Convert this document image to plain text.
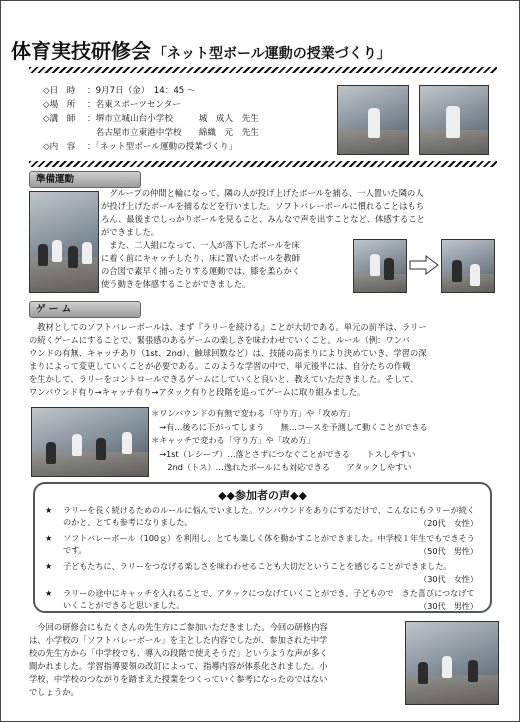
体育実技研修会 「ネット型ボール運動の授業づくり」
◇日　時	：9月7日（金）　14：45 ～
◇場　所	：名東スポーツセンター
◇講　師	：堺市立城山台小学校　　　城　成人　先生
　名古屋市立東港中学校　　綿織　元　先生
◇内　容	：「ネット型ボール運動の授業づくり」
準備運動
　グループの仲間と輪になって、隣の人が投げ上げたボールを捕る、一人置いた隣の人
が投げ上げたボールを捕るなどを行いました。ソフトバレーボールに慣れることはもち
ろん、最後までしっかりボールを見ること、みんなで声を出すことなど、体感すること
ができました。
　また、二人組になって、一人が落下したボールを床
に着く前にキャッチしたり、床に置いたボールを教師
の合図で素早く捕ったりする運動では、膝を柔らかく
使う動きを体感することができました。
ゲ ー ム
　教材としてのソフトバレーボールは、まず『ラリーを続ける』ことが大切である。単元の前半は、ラリー
の続くゲームにすることで、緊張感のあるゲームの楽しさを味わわせていくこと。ルール（例：ワンバ
ウンドの有無、キャッチあり（1st、2nd）、触球回数など）は、技能の高まりにより決めていき、学習の深
まりによって変更していくことが必要である。このような学習の中で、単元後半には、自分たちの作戦
を生かして、ラリーをコントロールできるゲームにしていくと良いと、教えていただきました。そして、
ワンバウンド有り→キャッチ有り→アタック有りと段階を追ってゲームに取り組みました。
＊ワンバウンドの有無で変わる「守り方」や「攻め方」
　→有…後ろに下がってしまう　　無…コースを予測して動くことができる
＊キャッチで変わる「守り方」や「攻め方」
　→1st（レシーブ）…落とさずにつなぐことができる　　トスしやすい
　　2nd（トス）…逸れたボールにも対応できる　　アタックしやすい
◆◆参加者の声◆◆
★ ラリーを長く続けるためのルールに悩んでいました。ワンバウンドをありにするだけで、こんなにもラリーが続くのかと、とても参考になりました。	（20代　女性）
★ ソフトバレーボール（100ｇ）を利用し、とても楽しく体を動かすことができました。中学校１年生でもできそうです。	（50代　男性）
★ 子どもたちに、ラリーをつなげる楽しさを味わわせることも大切だということを感じることができました。
（30代　女性）
★ ラリーの途中にキャッチを入れることで、アタックにつなげていくことができ、子どもので　きた喜びにつなげていくことができると思いました。	（30代　男性）
　今回の研修会にもたくさんの先生方にご参加いただきました。今回の研修内容
は、小学校の「ソフトバレーボール」を主とした内容でしたが、参加された中学
校の先生方から「中学校でも、導入の段階で使えそうだ」というような声が多く
聞かれました。学習指導要領の改訂によって、指導内容が体系化されました。小
学校、中学校のつながりを踏まえた授業をつくっていく参考になったのではない
でしょうか。
